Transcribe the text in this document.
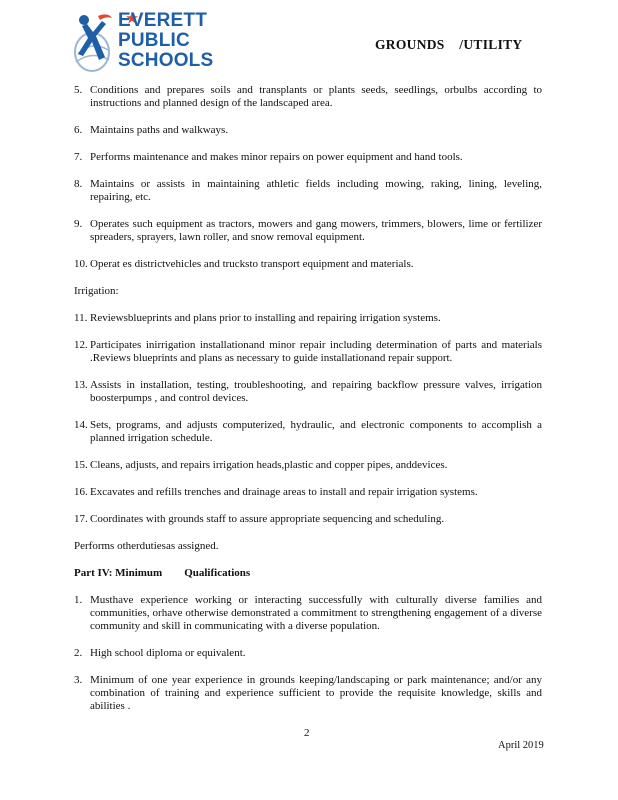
EVERETT
PUBLIC
SCHOOLS
GROUNDS    /UTILITY
5. Conditions and prepares soils and transplants or plants seeds, seedlings, orbulbs according to instructions and planned design of the landscaped area.
6. Maintains paths and walkways.
7. Performs maintenance and makes minor repairs on power equipment and hand tools.
8. Maintains or assists in maintaining athletic fields including mowing, raking, lining, leveling, repairing, etc.
9. Operates such equipment as tractors, mowers and gang mowers, trimmers, blowers, lime or fertilizer spreaders, sprayers, lawn roller, and snow removal equipment.
10. Operat es districtvehicles and trucksto transport equipment and materials.
Irrigation:
11. Reviewsblueprints and plans prior to installing and repairing irrigation systems.
12. Participates inirrigation installationand minor repair including determination of parts and materials .Reviews blueprints and plans as necessary to guide installationand repair support.
13. Assists in installation, testing, troubleshooting, and repairing backflow pressure valves, irrigation boosterpumps , and control devices.
14. Sets, programs, and adjusts computerized, hydraulic, and electronic components to accomplish a planned irrigation schedule.
15. Cleans, adjusts, and repairs irrigation heads,plastic and copper pipes, anddevices.
16. Excavates and refills trenches and drainage areas to install and repair irrigation systems.
17. Coordinates with grounds staff to assure appropriate sequencing and scheduling.
Performs otherdutiesas assigned.
Part IV: Minimum Qualifications
1. Musthave experience working or interacting successfully with culturally diverse families and communities, orhave otherwise demonstrated a commitment to strengthening engagement of a diverse community and skill in communicating with a diverse population.
2. High school diploma or equivalent.
3. Minimum of one year experience in grounds keeping/landscaping or park maintenance; and/or any combination of training and experience sufficient to provide the requisite knowledge, skills and abilities .
2
April 2019
